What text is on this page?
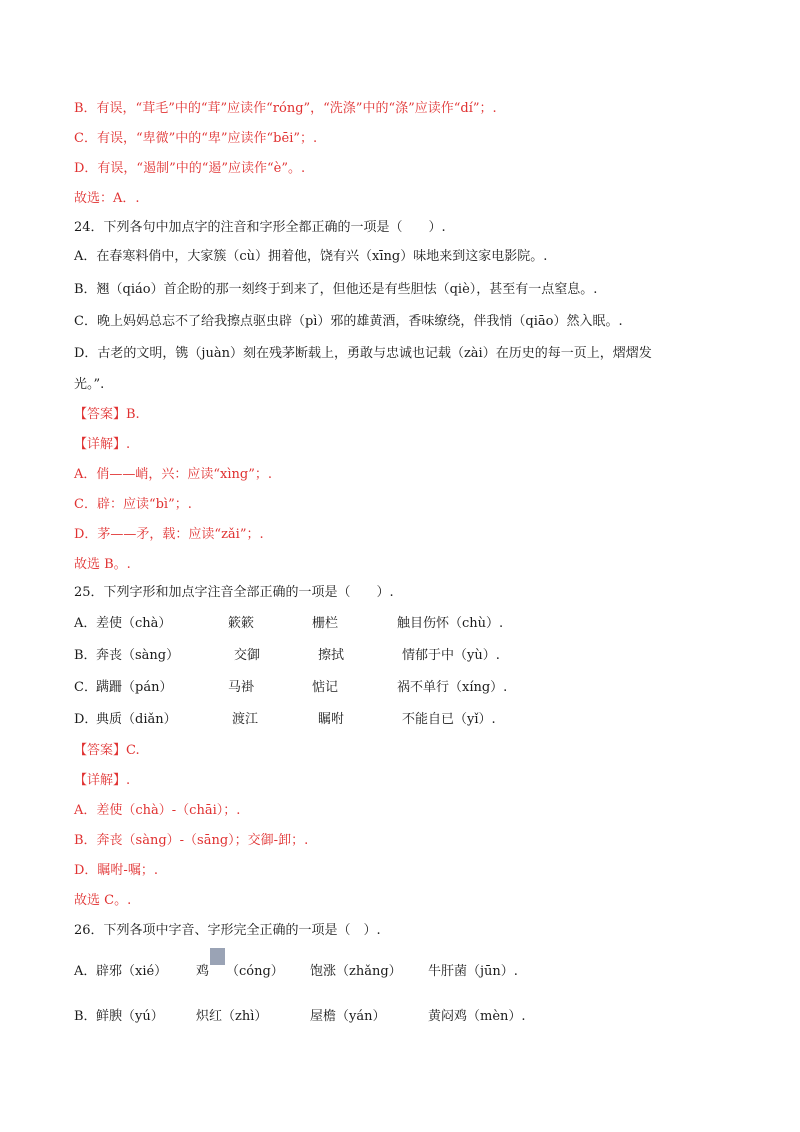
B．有误，“茸毛”中的“茸”应读作“róng”，“洗涤”中的“涤”应读作“dí”；.
C．有误，“卑微”中的“卑”应读作“bēi”；.
D．有误，“遏制”中的“遏”应读作“è”。.
故选：A．.
24．下列各句中加点字的注音和字形全都正确的一项是（　　）.
A．在春寒料俏中，大家簇（cù）拥着他，饶有兴（xīng）味地来到这家电影院。.
B．翘（qiáo）首企盼的那一刻终于到来了，但他还是有些胆怯（qiè），甚至有一点窒息。.
C．晚上妈妈总忘不了给我擦点驱虫辟（pì）邪的雄黄酒，香味缭绕，伴我悄（qiāo）然入眠。.
D．古老的文明，镌（juàn）刻在残茅断载上，勇敢与忠诚也记载（zài）在历史的每一页上，熠熠发
光。”.
【答案】B.
【详解】.
A．俏——峭，兴：应读“xìng”；.
C．辟：应读“bì”；.
D．茅——矛，载：应读“zǎi”；.
故选 B。.
25．下列字形和加点字注音全部正确的一项是（　　）.
A． 差使（chà）	簌簌	栅栏	触目伤怀（chù）.
B． 奔丧（sàng）	交御	擦拭	情郁于中（yù）.
C． 蹒跚（pán）	马褂	惦记	祸不单行（xíng）.
D．
典质（diǎn）	渡江	瞩咐	不能自已（yǐ）.
【答案】C.
【详解】.
A．差使（chà）-（chāi）；.
B．奔丧（sàng）-（sāng）；交御-卸；.
D．瞩咐-嘱；.
故选 C。.
26．下列各项中字音、字形完全正确的一项是（　）.
A． 辟邪（xié） 鸡 （cóng） 饱涨（zhǎng） 牛肝菌（jūn）.
B． 鲜腴（yú） 炽红（zhì）	屋檐（yán）	黄闷鸡（mèn）.
